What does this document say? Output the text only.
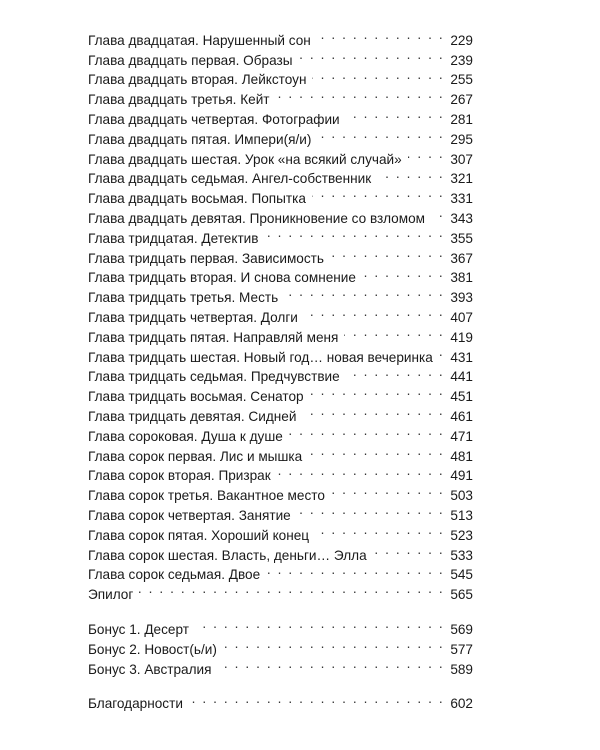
Глава двадцатая. Нарушенный сон . . .	229
Глава двадцать первая. Образы . . .	239
Глава двадцать вторая. Лейкстоун . . .	255
Глава двадцать третья. Кейт . . .	267
Глава двадцать четвертая. Фотографии . . .	281
Глава двадцать пятая. Импери(я/и) . . .	295
Глава двадцать шестая. Урок «на всякий случай» . . .	307
Глава двадцать седьмая. Ангел-собственник . . .	321
Глава двадцать восьмая. Попытка . . .	331
Глава двадцать девятая. Проникновение со взломом . . .	343
Глава тридцатая. Детектив . . .	355
Глава тридцать первая. Зависимость . . .	367
Глава тридцать вторая. И снова сомнение . . .	381
Глава тридцать третья. Месть . . .	393
Глава тридцать четвертая. Долги . . .	407
Глава тридцать пятая. Направляй меня . . .	419
Глава тридцать шестая. Новый год… новая вечеринка . . .	431
Глава тридцать седьмая. Предчувствие . . .	441
Глава тридцать восьмая. Сенатор . . .	451
Глава тридцать девятая. Сидней . . .	461
Глава сороковая. Душа к душе . . .	471
Глава сорок первая. Лис и мышка . . .	481
Глава сорок вторая. Призрак . . .	491
Глава сорок третья. Вакантное место . . .	503
Глава сорок четвертая. Занятие . . .	513
Глава сорок пятая. Хороший конец . . .	523
Глава сорок шестая. Власть, деньги… Элла . . .	533
Глава сорок седьмая. Двое . . .	545
Эпилог . . .	565
Бонус 1. Десерт . . .	569
Бонус 2. Новост(ь/и) . . .	577
Бонус 3. Австралия . . .	589
Благодарности . . .	602
